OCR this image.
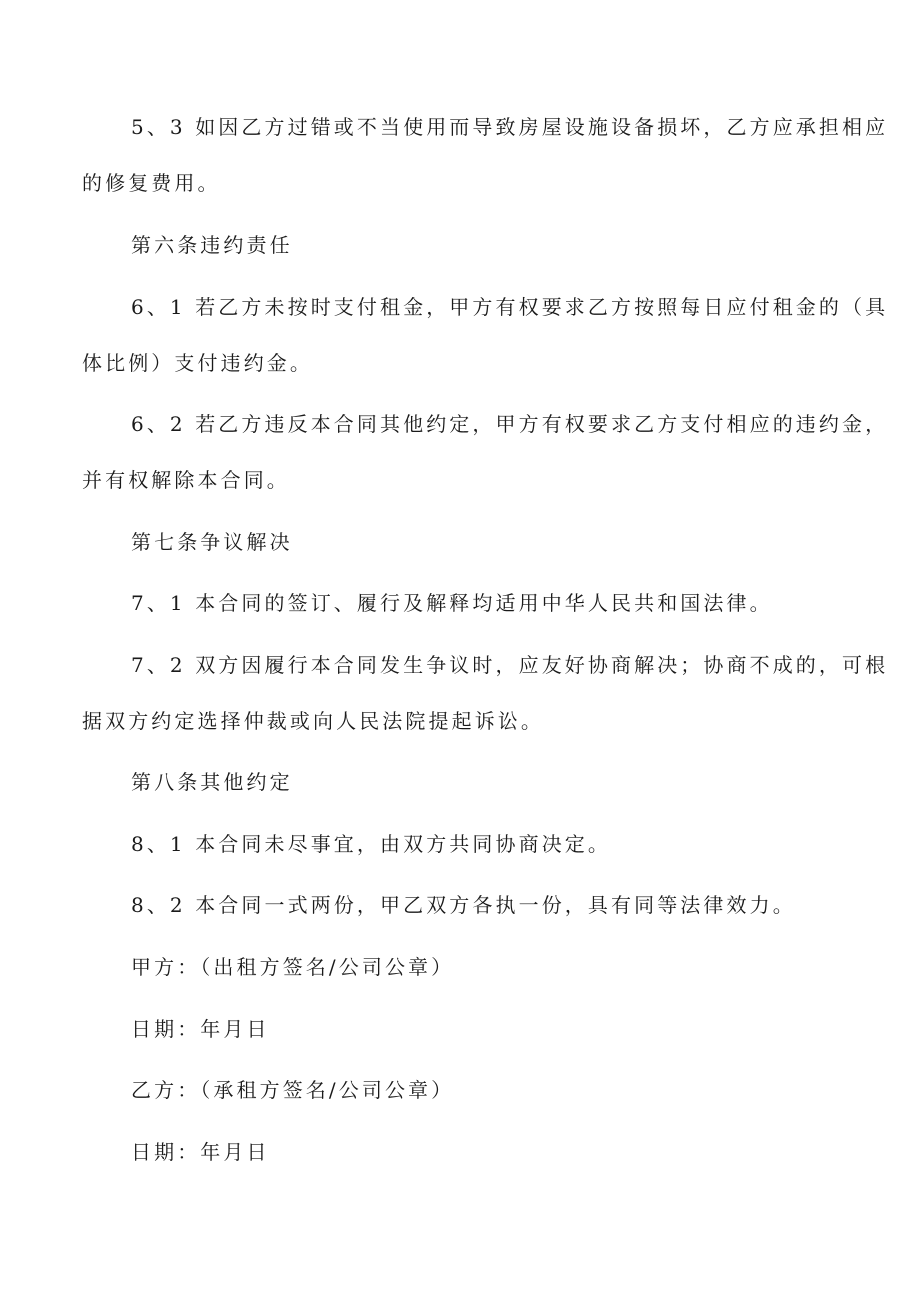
5、3 如因乙方过错或不当使用而导致房屋设施设备损坏，乙方应承担相应
的修复费用。
第六条违约责任
6、1 若乙方未按时支付租金，甲方有权要求乙方按照每日应付租金的（具
体比例）支付违约金。
6、2 若乙方违反本合同其他约定，甲方有权要求乙方支付相应的违约金，
并有权解除本合同。
第七条争议解决
7、1 本合同的签订、履行及解释均适用中华人民共和国法律。
7、2 双方因履行本合同发生争议时，应友好协商解决；协商不成的，可根
据双方约定选择仲裁或向人民法院提起诉讼。
第八条其他约定
8、1 本合同未尽事宜，由双方共同协商决定。
8、2 本合同一式两份，甲乙双方各执一份，具有同等法律效力。
甲方：（出租方签名/公司公章）
日期：年月日
乙方：（承租方签名/公司公章）
日期：年月日
